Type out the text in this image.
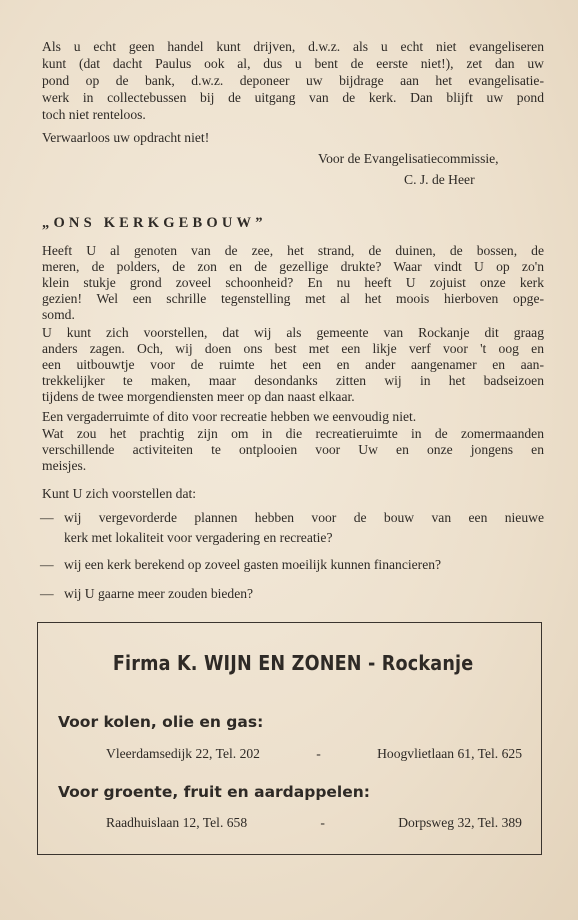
Als u echt geen handel kunt drijven, d.w.z. als u echt niet evangeliseren
kunt (dat dacht Paulus ook al, dus u bent de eerste niet!), zet dan uw
pond op de bank, d.w.z. deponeer uw bijdrage aan het evangelisatie-
werk in collectebussen bij de uitgang van de kerk. Dan blijft uw pond
toch niet renteloos.
Verwaarloos uw opdracht niet!
Voor de Evangelisatiecommissie,
C. J. de Heer
„ONS KERKGEBOUW”
Heeft U al genoten van de zee, het strand, de duinen, de bossen, de
meren, de polders, de zon en de gezellige drukte? Waar vindt U op zo'n
klein stukje grond zoveel schoonheid? En nu heeft U zojuist onze kerk
gezien! Wel een schrille tegenstelling met al het moois hierboven opge-
somd.
U kunt zich voorstellen, dat wij als gemeente van Rockanje dit graag
anders zagen. Och, wij doen ons best met een likje verf voor 't oog en
een uitbouwtje voor de ruimte het een en ander aangenamer en aan-
trekkelijker te maken, maar desondanks zitten wij in het badseizoen
tijdens de twee morgendiensten meer op dan naast elkaar.
Een vergaderruimte of dito voor recreatie hebben we eenvoudig niet.
Wat zou het prachtig zijn om in die recreatieruimte in de zomermaanden
verschillende activiteiten te ontplooien voor Uw en onze jongens en
meisjes.
Kunt U zich voorstellen dat:
— wij vergevorderde plannen hebben voor de bouw van een nieuwe
kerk met lokaliteit voor vergadering en recreatie?
— wij een kerk berekend op zoveel gasten moeilijk kunnen financieren?
— wij U gaarne meer zouden bieden?
Firma K. WIJN EN ZONEN - Rockanje
Voor kolen, olie en gas:
Vleerdamsedijk 22, Tel. 202	-	Hoogvlietlaan 61, Tel. 625
Voor groente, fruit en aardappelen:
Raadhuislaan 12, Tel. 658	-	Dorpsweg 32, Tel. 389
